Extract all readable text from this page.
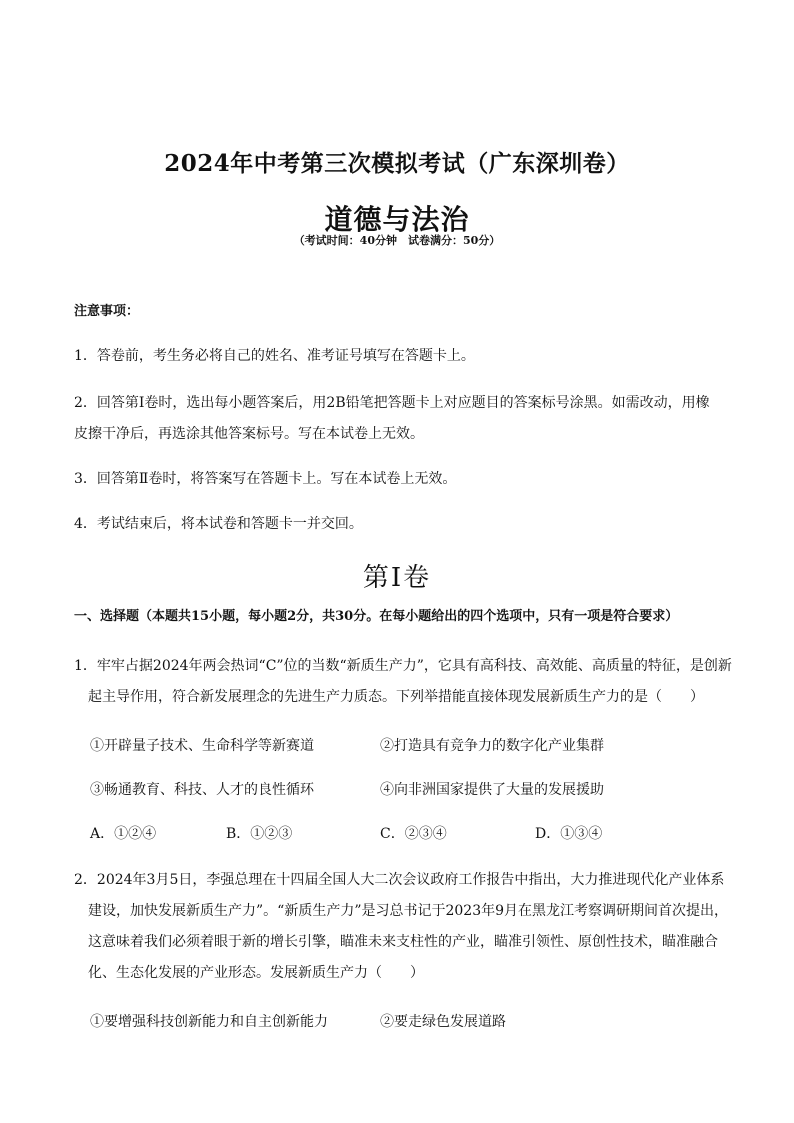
2024年中考第三次模拟考试（广东深圳卷）
道德与法治
（考试时间：40分钟　试卷满分：50分）
注意事项：
1．答卷前，考生务必将自己的姓名、准考证号填写在答题卡上。
2．回答第Ⅰ卷时，选出每小题答案后，用2B铅笔把答题卡上对应题目的答案标号涂黑。如需改动，用橡
皮擦干净后，再选涂其他答案标号。写在本试卷上无效。
3．回答第Ⅱ卷时，将答案写在答题卡上。写在本试卷上无效。
4．考试结束后，将本试卷和答题卡一并交回。
第Ⅰ卷
一、选择题（本题共15小题，每小题2分，共30分。在每小题给出的四个选项中，只有一项是符合要求）
1．牢牢占据2024年两会热词“C”位的当数“新质生产力”，它具有高科技、高效能、高质量的特征，是创新
起主导作用，符合新发展理念的先进生产力质态。下列举措能直接体现发展新质生产力的是（　　）
①开辟量子技术、生命科学等新赛道	②打造具有竞争力的数字化产业集群
③畅通教育、科技、人才的良性循环	④向非洲国家提供了大量的发展援助
A．①②④	B．①②③	C．②③④	D．①③④
2．2024年3月5日，李强总理在十四届全国人大二次会议政府工作报告中指出，大力推进现代化产业体系
建设，加快发展新质生产力”。“新质生产力”是习总书记于2023年9月在黑龙江考察调研期间首次提出，
这意味着我们必须着眼于新的增长引擎，瞄准未来支柱性的产业，瞄准引领性、原创性技术，瞄准融合
化、生态化发展的产业形态。发展新质生产力（　　）
①要增强科技创新能力和自主创新能力	②要走绿色发展道路
